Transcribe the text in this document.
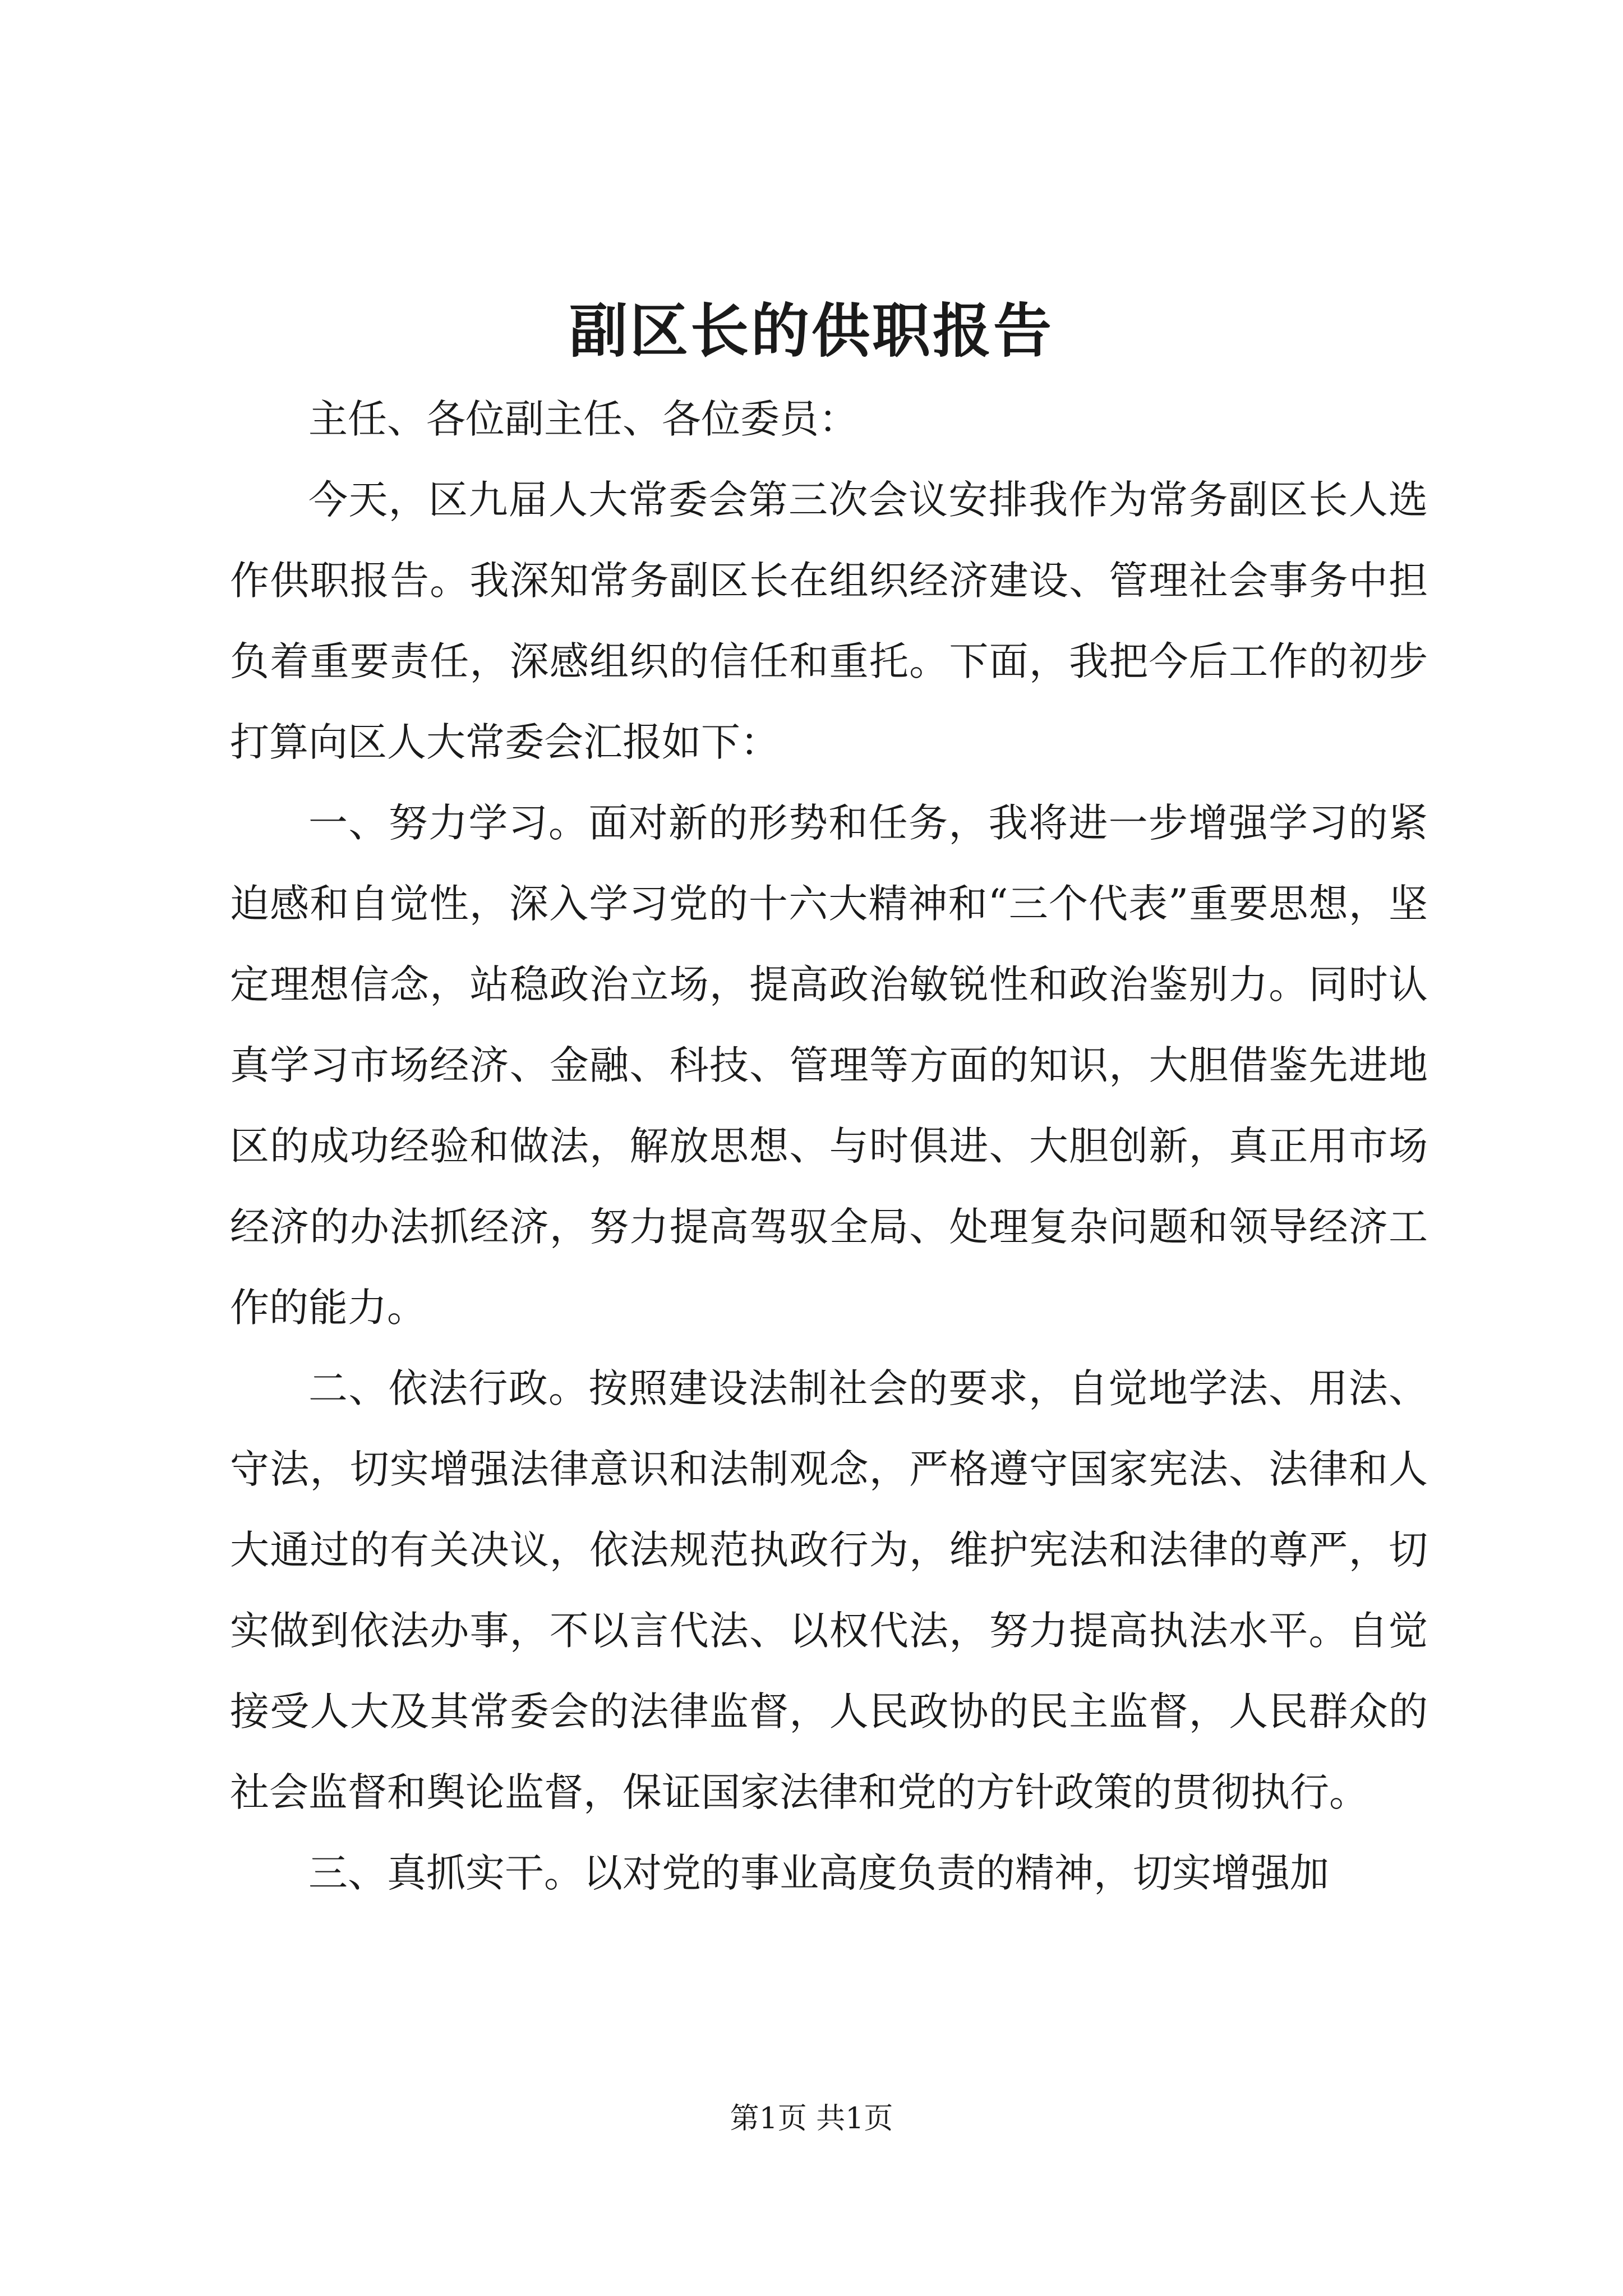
副区长的供职报告

主任、各位副主任、各位委员：

今天，区九届人大常委会第三次会议安排我作为常务副区长人选作供职报告。我深知常务副区长在组织经济建设、管理社会事务中担负着重要责任，深感组织的信任和重托。下面，我把今后工作的初步打算向区人大常委会汇报如下：

一、努力学习。面对新的形势和任务，我将进一步增强学习的紧迫感和自觉性，深入学习党的十六大精神和“三个代表”重要思想，坚定理想信念，站稳政治立场，提高政治敏锐性和政治鉴别力。同时认真学习市场经济、金融、科技、管理等方面的知识，大胆借鉴先进地区的成功经验和做法，解放思想、与时俱进、大胆创新，真正用市场经济的办法抓经济，努力提高驾驭全局、处理复杂问题和领导经济工作的能力。

二、依法行政。按照建设法制社会的要求，自觉地学法、用法、守法，切实增强法律意识和法制观念，严格遵守国家宪法、法律和人大通过的有关决议，依法规范执政行为，维护宪法和法律的尊严，切实做到依法办事，不以言代法、以权代法，努力提高执法水平。自觉接受人大及其常委会的法律监督，人民政协的民主监督，人民群众的社会监督和舆论监督，保证国家法律和党的方针政策的贯彻执行。

三、真抓实干。以对党的事业高度负责的精神，切实增强加

第1页 共1页
